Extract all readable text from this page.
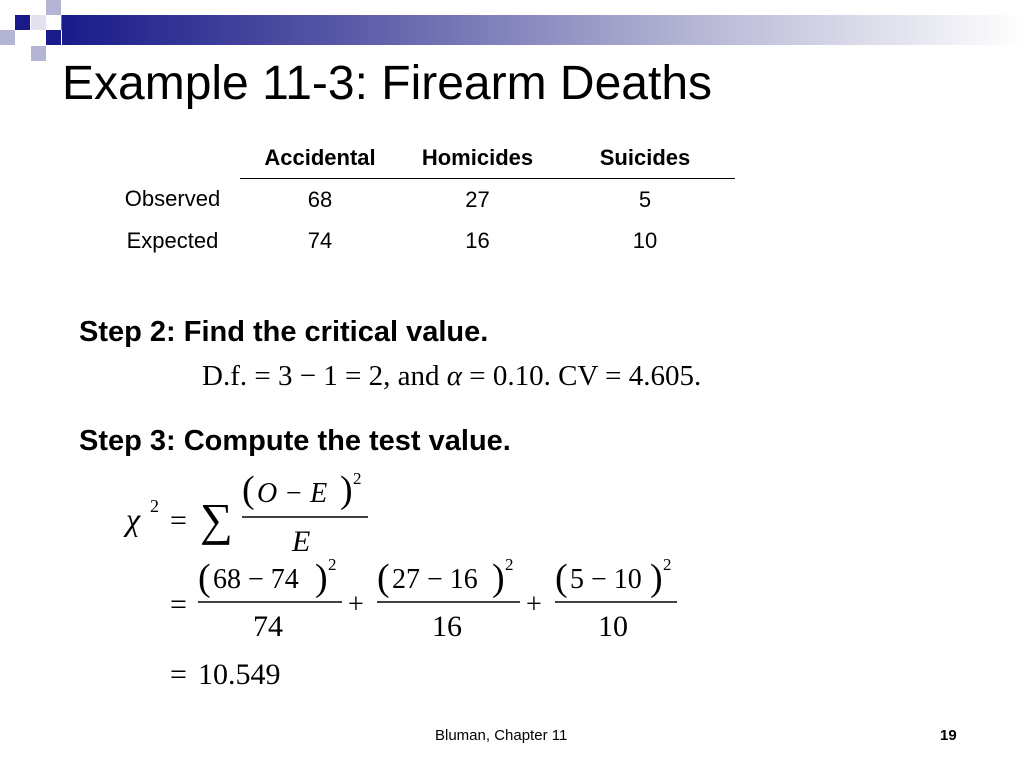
Example 11-3: Firearm Deaths
	Accidental	Homicides	Suicides
Observed	68	27	5
Expected	74	16	10

Step 2: Find the critical value.

D.f. = 3 − 1 = 2, and α = 0.10. CV = 4.605.

Step 3: Compute the test value.

χ 2 = ∑
( O − E ) 2
E
=
( 68 − 74 ) 2
74
+
( 27 − 16 ) 2
16
+
( 5 − 10 ) 2
10
= 10.549
Bluman, Chapter 11	19
